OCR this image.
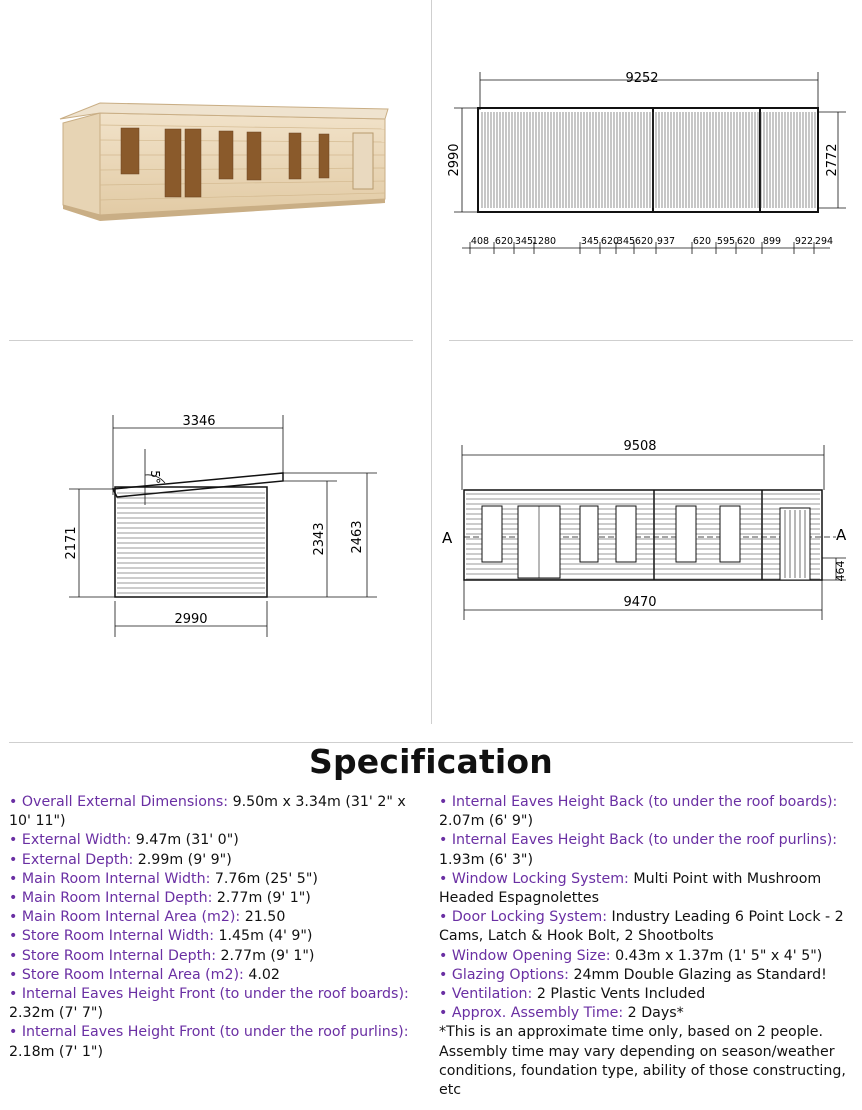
9252
2990	2772
408 620 345
1280	345 620
345 620 937 620 595 620 899 922 294
3346
2990
2171	2343 2463
5°
9508
9470
464
A	A
Specification

• Overall External Dimensions: 9.50m x 3.34m (31' 2" x 10' 11")

• External Width: 9.47m (31' 0")

• External Depth: 2.99m (9' 9")

• Main Room Internal Width: 7.76m (25' 5")

• Main Room Internal Depth: 2.77m (9' 1")

• Main Room Internal Area (m2): 21.50

• Store Room Internal Width: 1.45m (4' 9")

• Store Room Internal Depth: 2.77m (9' 1")

• Store Room Internal Area (m2): 4.02

• Internal Eaves Height Front (to under the roof boards): 2.32m (7' 7")

• Internal Eaves Height Front (to under the roof purlins): 2.18m (7' 1")

• Internal Eaves Height Back (to under the roof boards): 2.07m (6' 9")

• Internal Eaves Height Back (to under the roof purlins): 1.93m (6' 3")

• Window Locking System: Multi Point with Mushroom Headed Espagnolettes

• Door Locking System: Industry Leading 6 Point Lock - 2 Cams, Latch & Hook Bolt, 2 Shootbolts

• Window Opening Size: 0.43m x 1.37m (1' 5" x 4' 5")

• Glazing Options: 24mm Double Glazing as Standard!

• Ventilation: 2 Plastic Vents Included

• Approx. Assembly Time: 2 Days*

*This is an approximate time only, based on 2 people. Assembly time may vary depending on season/weather conditions, foundation type, ability of those constructing, etc
